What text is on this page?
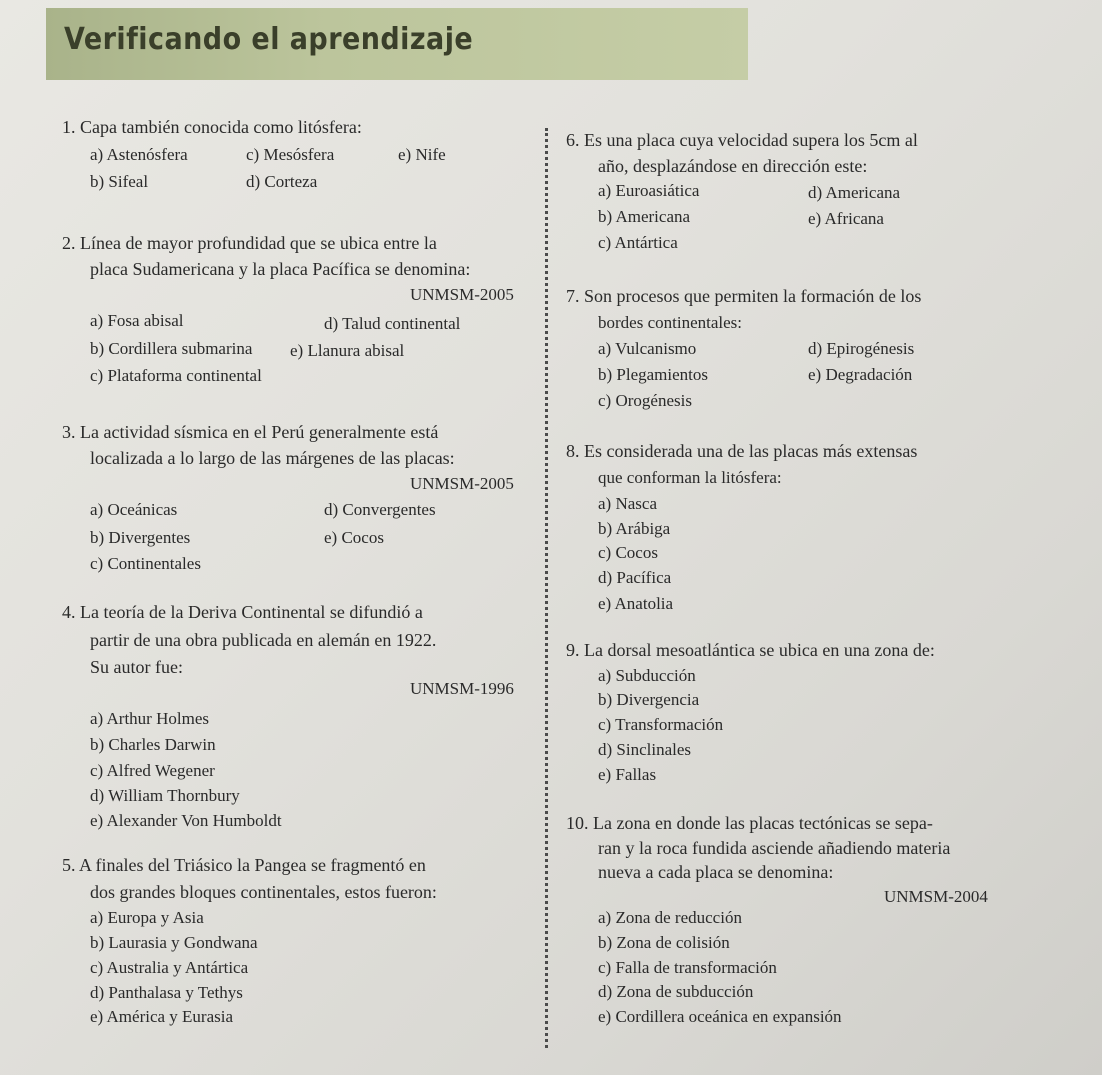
Verificando el aprendizaje
1. Capa también conocida como litósfera:
a) Astenósfera	c) Mesósfera	e) Nife
b) Sifeal	d) Corteza
2. Línea de mayor profundidad que se ubica entre la
placa Sudamericana y la placa Pacífica se denomina:
UNMSM-2005
a) Fosa abisal	d) Talud continental
b) Cordillera submarina e) Llanura abisal
c) Plataforma continental
3. La actividad sísmica en el Perú generalmente está
localizada a lo largo de las márgenes de las placas:
UNMSM-2005
a) Oceánicas	d) Convergentes
b) Divergentes	e) Cocos
c) Continentales
4. La teoría de la Deriva Continental se difundió a
partir de una obra publicada en alemán en 1922.
Su autor fue:
UNMSM-1996
a) Arthur Holmes
b) Charles Darwin
c) Alfred Wegener
d) William Thornbury
e) Alexander Von Humboldt
5. A finales del Triásico la Pangea se fragmentó en
dos grandes bloques continentales, estos fueron:
a) Europa y Asia
b) Laurasia y Gondwana
c) Australia y Antártica
d) Panthalasa y Tethys
e) América y Eurasia
6. Es una placa cuya velocidad supera los 5cm al
año, desplazándose en dirección este:
a) Euroasiática	d) Americana
b) Americana	e) Africana
c) Antártica
7. Son procesos que permiten la formación de los
bordes continentales:
a) Vulcanismo	d) Epirogénesis
b) Plegamientos	e) Degradación
c) Orogénesis
8. Es considerada una de las placas más extensas
que conforman la litósfera:
a) Nasca
b) Arábiga
c) Cocos
d) Pacífica
e) Anatolia
9. La dorsal mesoatlántica se ubica en una zona de:
a) Subducción
b) Divergencia
c) Transformación
d) Sinclinales
e) Fallas
10. La zona en donde las placas tectónicas se sepa-
ran y la roca fundida asciende añadiendo materia
nueva a cada placa se denomina:
UNMSM-2004
a) Zona de reducción
b) Zona de colisión
c) Falla de transformación
d) Zona de subducción
e) Cordillera oceánica en expansión
